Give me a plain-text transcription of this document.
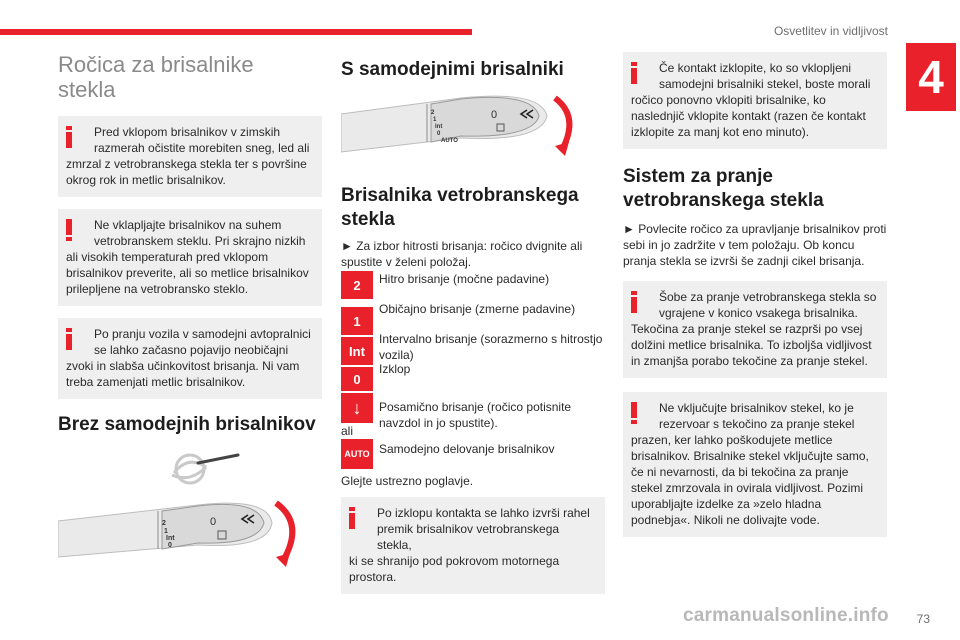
Osvetlitev in vidljivost
4
Ročica za brisalnike stekla

Pred vklopom brisalnikov v zimskih razmerah očistite morebiten sneg, led ali
zmrzal z vetrobranskega stekla ter s površine okrog rok in metlic brisalnikov.

Ne vklapljajte brisalnikov na suhem vetrobranskem steklu. Pri skrajno nizkih
ali visokih temperaturah pred vklopom brisalnikov preverite, ali so metlice brisalnikov prilepljene na vetrobransko steklo.

Po pranju vozila v samodejni avtopralnici se lahko začasno pojavijo neobičajni
zvoki in slabša učinkovitost brisanja. Ni vam treba zamenjati metlic brisalnikov.

Brez samodejnih brisalnikov
2
1
Int
0
0
S samodejnimi brisalniki
2
1
Int
0
AUTO
0
Brisalnika vetrobranskega stekla

► Za izbor hitrosti brisanja: ročico dvignite ali spustite v želeni položaj.

2	Hitro brisanje (močne padavine)
1
Običajno brisanje (zmerne padavine)
Int
Intervalno brisanje (sorazmerno s hitrostjo vozila)
0
Izklop
↓	Posamično brisanje (ročico potisnite navzdol in jo spustite).

ali

AUTO Samodejno delovanje brisalnikov

Glejte ustrezno poglavje.

Po izklopu kontakta se lahko izvrši rahel premik brisalnikov vetrobranskega stekla,
ki se shranijo pod pokrovom motornega prostora.

Če kontakt izklopite, ko so vklopljeni samodejni brisalniki stekel, boste morali
ročico ponovno vklopiti brisalnike, ko naslednjič vklopite kontakt (razen če kontakt izklopite za manj kot eno minuto).

Sistem za pranje vetrobranskega stekla

► Povlecite ročico za upravljanje brisalnikov proti sebi in jo zadržite v tem položaju. Ob koncu pranja stekla se izvrši še zadnji cikel brisanja.

Šobe za pranje vetrobranskega stekla so vgrajene v konico vsakega brisalnika.
Tekočina za pranje stekel se razprši po vsej dolžini metlice brisalnika. To izboljša vidljivost in zmanjša porabo tekočine za pranje stekel.

Ne vključujte brisalnikov stekel, ko je rezervoar s tekočino za pranje stekel
prazen, ker lahko poškodujete metlice brisalnikov. Brisalnike stekel vključujte samo, če ni nevarnosti, da bi tekočina za pranje stekel zmrzovala in ovirala vidljivost. Pozimi uporabljajte izdelke za »zelo hladna podnebja«. Nikoli ne dolivajte vode.

carmanualsonline.info 73
